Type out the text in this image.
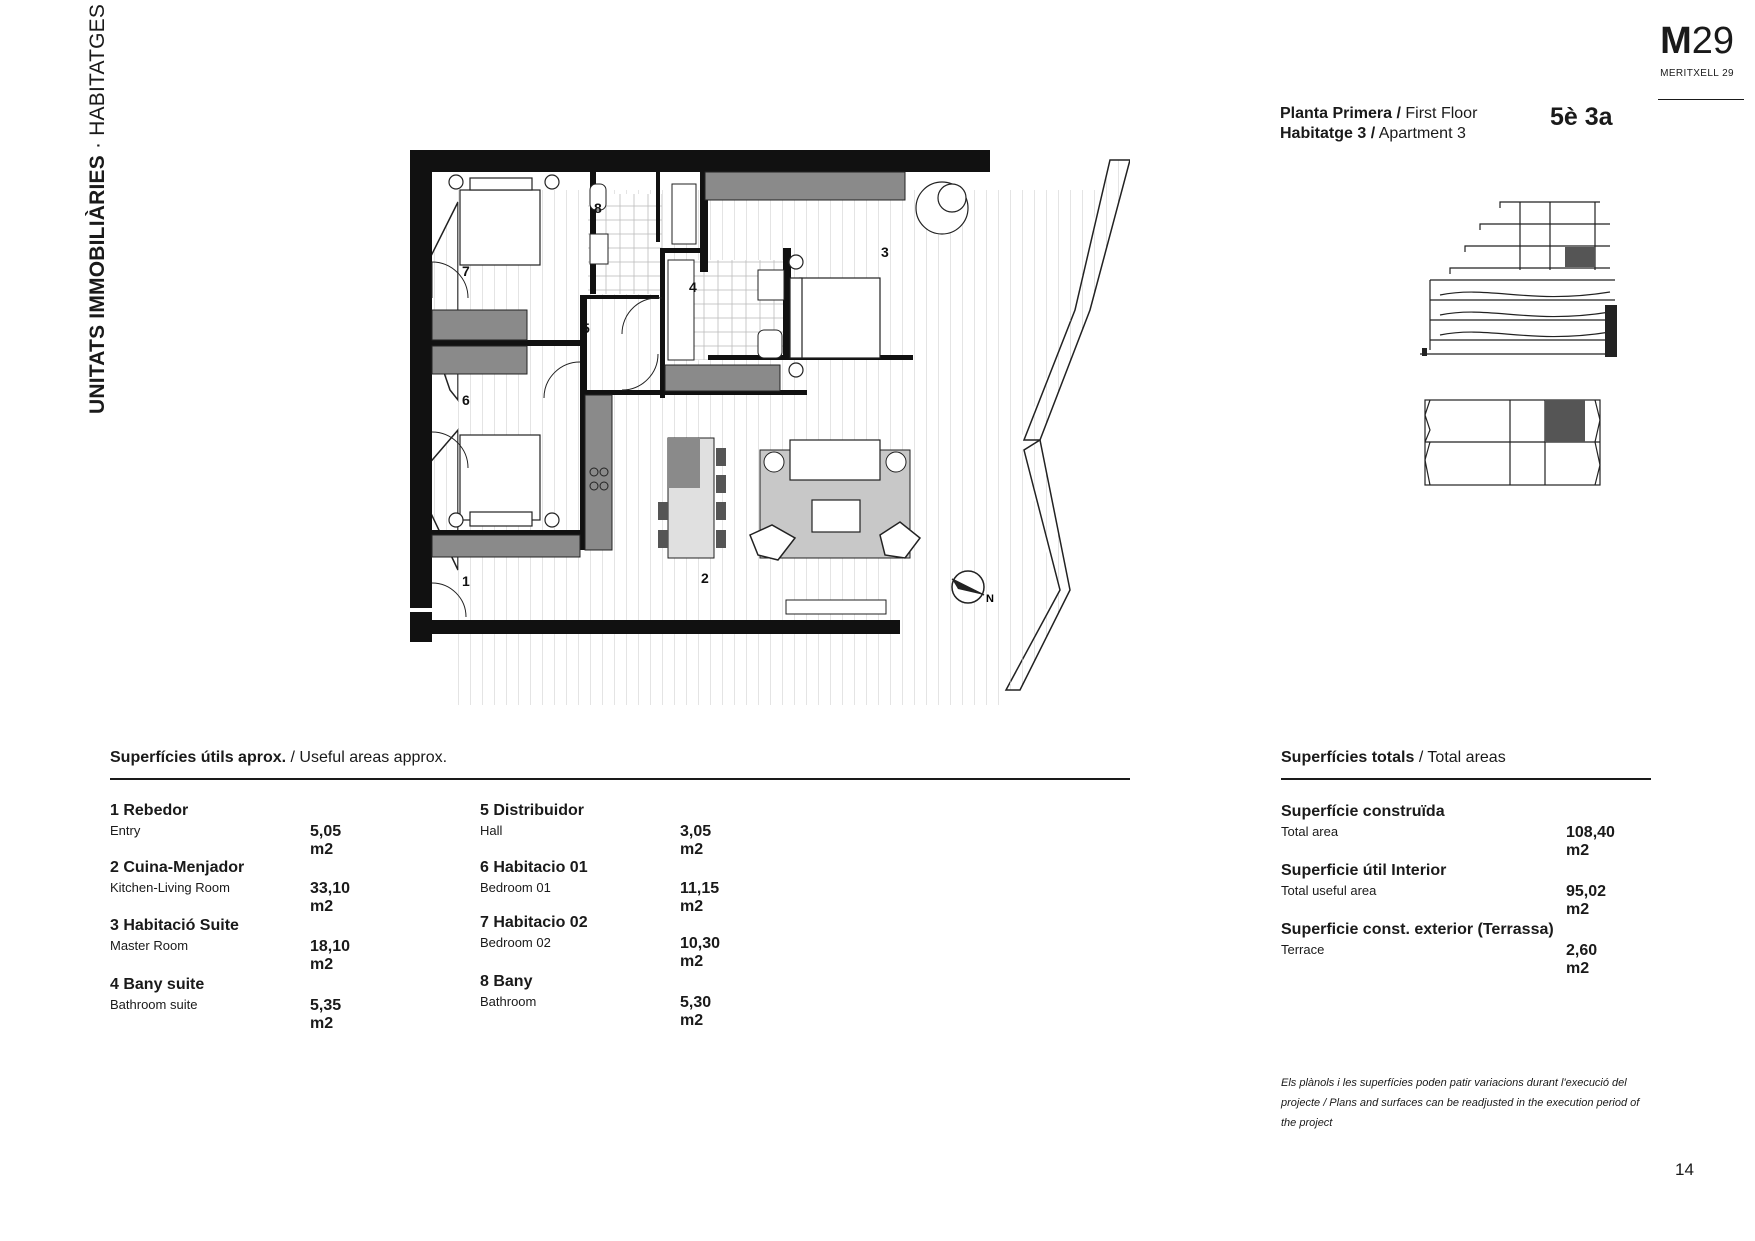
UNITATS IMMOBILIÀRIES · HABITATGES	M29
MERITXELL 29
Planta Primera / First Floor
Habitatge 3 / Apartment 3
5è 3a
N
1	2
3
4
5
6
7
8
Superfícies útils aprox. / Useful areas approx.
1 Rebedor
Entry	5,05 m2
2 Cuina-Menjador
Kitchen-Living Room	33,10 m2
3 Habitació Suite
Master Room	18,10 m2
4 Bany suite
Bathroom suite	5,35 m2
5 Distribuidor
Hall	3,05 m2
6 Habitacio 01
Bedroom 01	11,15 m2
7 Habitacio 02
Bedroom 02	10,30 m2
8 Bany
Bathroom	5,30 m2
Superfícies totals / Total areas
Superfície construïda
Total area	108,40 m2
Superficie útil Interior
Total useful area	95,02 m2
Superficie const. exterior (Terrassa)
Terrace	2,60 m2
Els plànols i les superfícies poden patir variacions durant l'execució del projecte / Plans and surfaces can be readjusted in the execution period of the project
14
